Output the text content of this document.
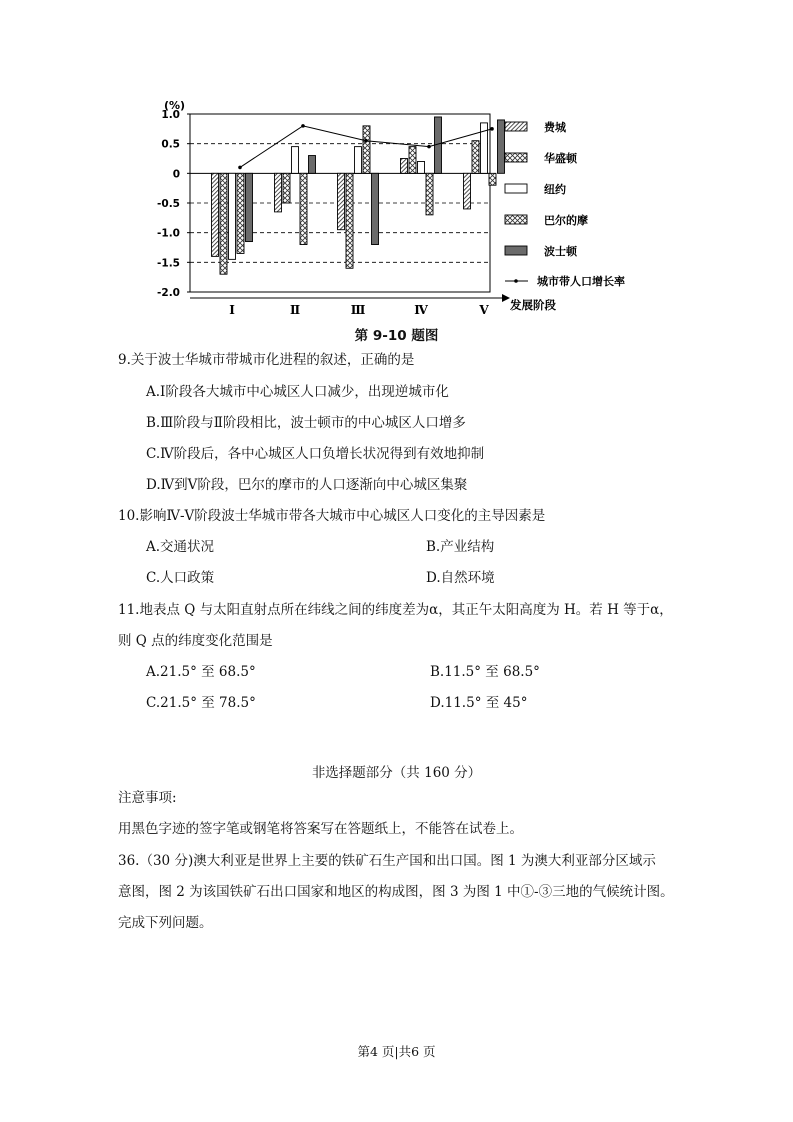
(%)
1.0
0.5
0
-0.5
-1.0
-1.5
-2.0
Ⅰ	Ⅱ	Ⅲ	Ⅳ	Ⅴ 发展阶段
费城
华盛顿
纽约
巴尔的摩
波士顿
城市带人口增长率
第 9-10 题图
9.关于波士华城市带城市化进程的叙述，正确的是
A.Ⅰ阶段各大城市中心城区人口减少，出现逆城市化
B.Ⅲ阶段与Ⅱ阶段相比，波士顿市的中心城区人口增多
C.Ⅳ阶段后，各中心城区人口负增长状况得到有效地抑制
D.Ⅳ到Ⅴ阶段，巴尔的摩市的人口逐渐向中心城区集聚
10.影响Ⅳ-Ⅴ阶段波士华城市带各大城市中心城区人口变化的主导因素是
A.交通状况	B.产业结构
C.人口政策	D.自然环境
11.地表点 Q 与太阳直射点所在纬线之间的纬度差为α，其正午太阳高度为 H。若 H 等于α，
则 Q 点的纬度变化范围是
A.21.5° 至 68.5°	B.11.5° 至 68.5°
C.21.5° 至 78.5°	D.11.5° 至 45°
非选择题部分（共 160 分）
注意事项:
用黑色字迹的签字笔或钢笔将答案写在答题纸上，不能答在试卷上。
36.（30 分)澳大利亚是世界上主要的铁矿石生产国和出口国。图 1 为澳大利亚部分区域示
意图，图 2 为该国铁矿石出口国家和地区的构成图，图 3 为图 1 中①-③三地的气候统计图。
完成下列问题。
第4 页|共6 页
